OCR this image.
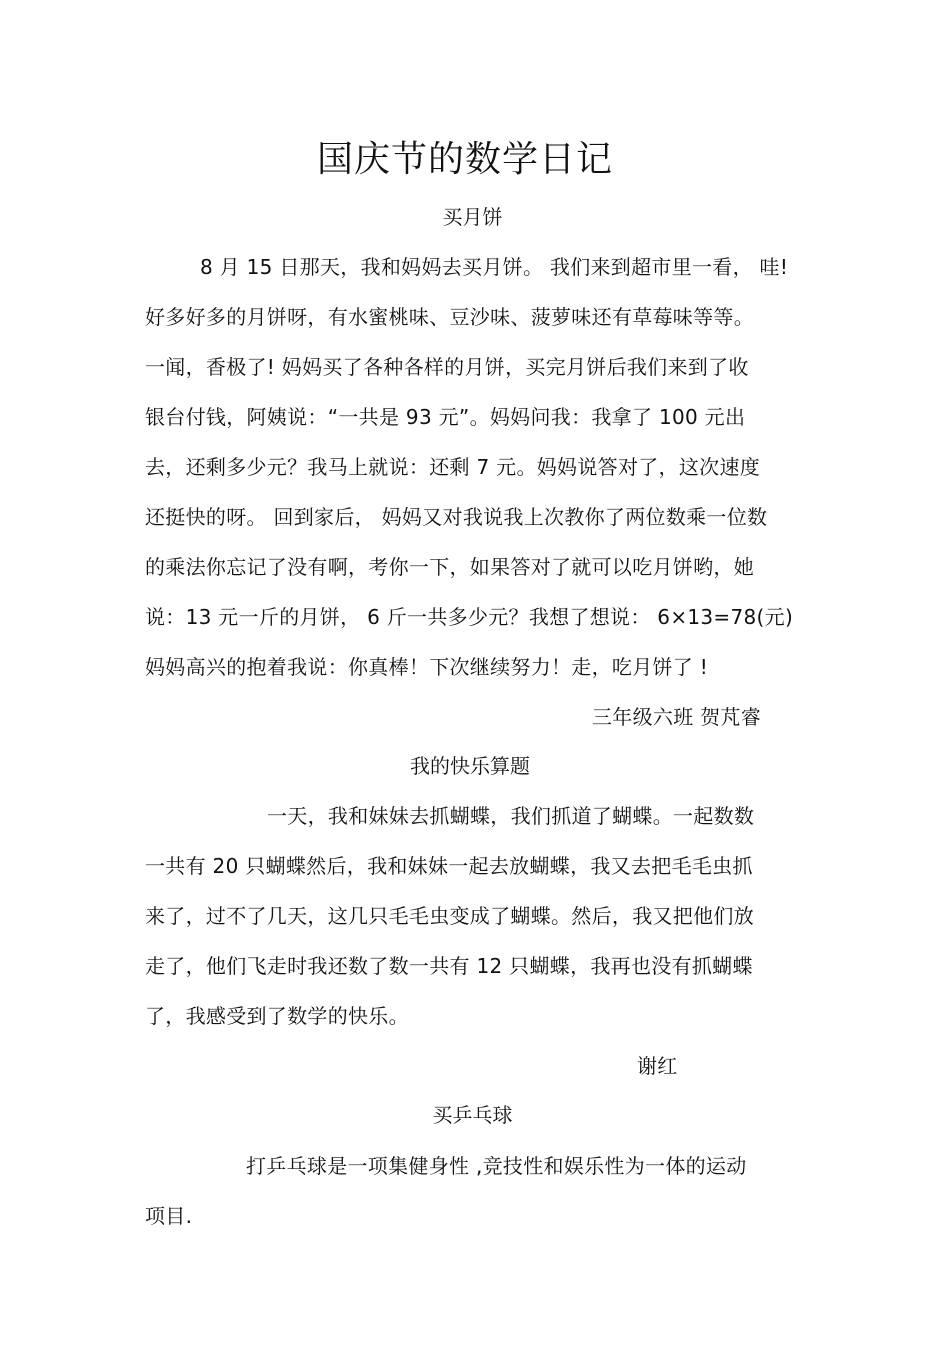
国庆节的数学日记
买月饼
8 月 15 日那天，我和妈妈去买月饼。 我们来到超市里一看， 哇!
好多好多的月饼呀，有水蜜桃味、豆沙味、菠萝味还有草莓味等等。
一闻，香极了! 妈妈买了各种各样的月饼，买完月饼后我们来到了收
银台付钱，阿姨说：“一共是 93 元”。妈妈问我：我拿了 100 元出
去，还剩多少元？我马上就说：还剩 7 元。妈妈说答对了，这次速度
还挺快的呀。 回到家后， 妈妈又对我说我上次教你了两位数乘一位数
的乘法你忘记了没有啊，考你一下，如果答对了就可以吃月饼哟，她
说：13 元一斤的月饼， 6 斤一共多少元？我想了想说： 6×13=78(元)
妈妈高兴的抱着我说：你真棒！下次继续努力！走，吃月饼了 !
三年级六班 贺芃睿
我的快乐算题
一天，我和妹妹去抓蝴蝶，我们抓道了蝴蝶。一起数数
一共有 20 只蝴蝶然后，我和妹妹一起去放蝴蝶，我又去把毛毛虫抓
来了，过不了几天，这几只毛毛虫变成了蝴蝶。然后，我又把他们放
走了，他们飞走时我还数了数一共有 12 只蝴蝶，我再也没有抓蝴蝶
了，我感受到了数学的快乐。
谢红
买乒乓球
打乒乓球是一项集健身性 ,竞技性和娱乐性为一体的运动
项目.
